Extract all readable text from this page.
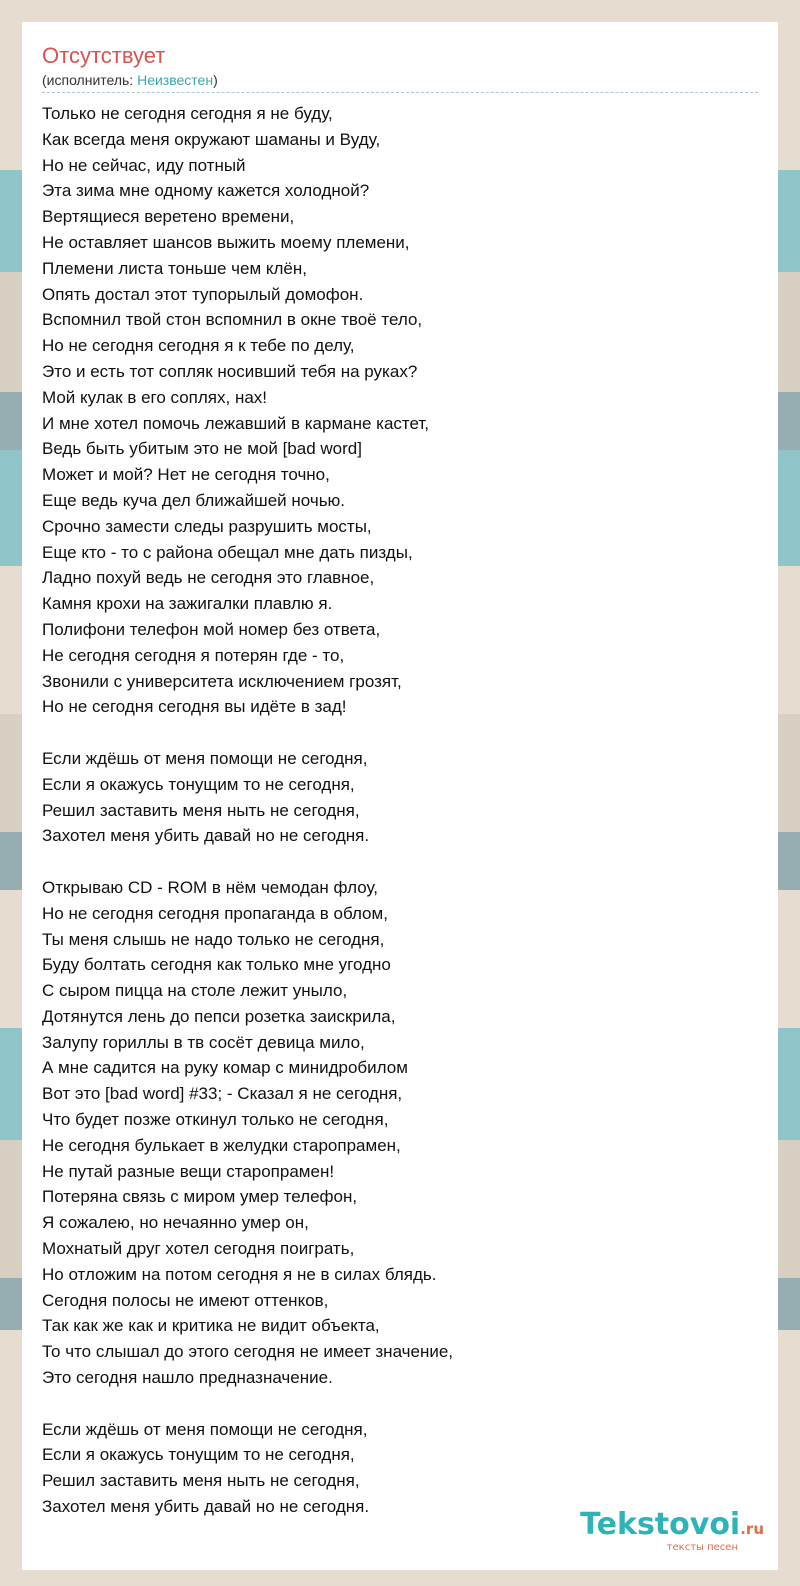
Отсутствует
(исполнитель: Неизвестен)
Только не сегодня сегодня я не буду,
Как всегда меня окружают шаманы и Вуду,
Но не сейчас, иду потный
Эта зима мне одному кажется холодной?
Вертящиеся веретено времени,
Не оставляет шансов выжить моему племени,
Племени листа тоньше чем клён,
Опять достал этот тупорылый домофон.
Вспомнил твой стон вспомнил в окне твоё тело,
Но не сегодня сегодня я к тебе по делу,
Это и есть тот сопляк носивший тебя на руках?
Мой кулак в его соплях, нах!
И мне хотел помочь лежавший в кармане кастет,
Ведь быть убитым это не мой [bad word]
Может и мой? Нет не сегодня точно,
Еще ведь куча дел ближайшей ночью.
Срочно замести следы разрушить мосты,
Еще кто - то с района обещал мне дать пизды,
Ладно похуй ведь не сегодня это главное,
Камня крохи на зажигалки плавлю я.
Полифони телефон мой номер без ответа,
Не сегодня сегодня я потерян где - то,
Звонили с университета исключением грозят,
Но не сегодня сегодня вы идёте в зад!

Если ждёшь от меня помощи не сегодня,
Если я окажусь тонущим то не сегодня,
Решил заставить меня ныть не сегодня,
Захотел меня убить давай но не сегодня.

Открываю CD - ROM в нём чемодан флоу,
Но не сегодня сегодня пропаганда в облом,
Ты меня слышь не надо только не сегодня,
Буду болтать сегодня как только мне угодно
С сыром пицца на столе лежит уныло,
Дотянутся лень до пепси розетка заискрила,
Залупу гориллы в тв сосёт девица мило,
А мне садится на руку комар с минидробилом
Вот это [bad word] #33; - Сказал я не сегодня,
Что будет позже откинул только не сегодня,
Не сегодня булькает в желудки старопрамен,
Не путай разные вещи старопрамен!
Потеряна связь с миром умер телефон,
Я сожалею, но нечаянно умер он,
Мохнатый друг хотел сегодня поиграть,
Но отложим на потом сегодня я не в силах блядь.
Сегодня полосы не имеют оттенков,
Так как же как и критика не видит объекта,
То что слышал до этого сегодня не имеет значение,
Это сегодня нашло предназначение.

Если ждёшь от меня помощи не сегодня,
Если я окажусь тонущим то не сегодня,
Решил заставить меня ныть не сегодня,
Захотел меня убить давай но не сегодня.
Tekstovoi.ru
тексты песен
